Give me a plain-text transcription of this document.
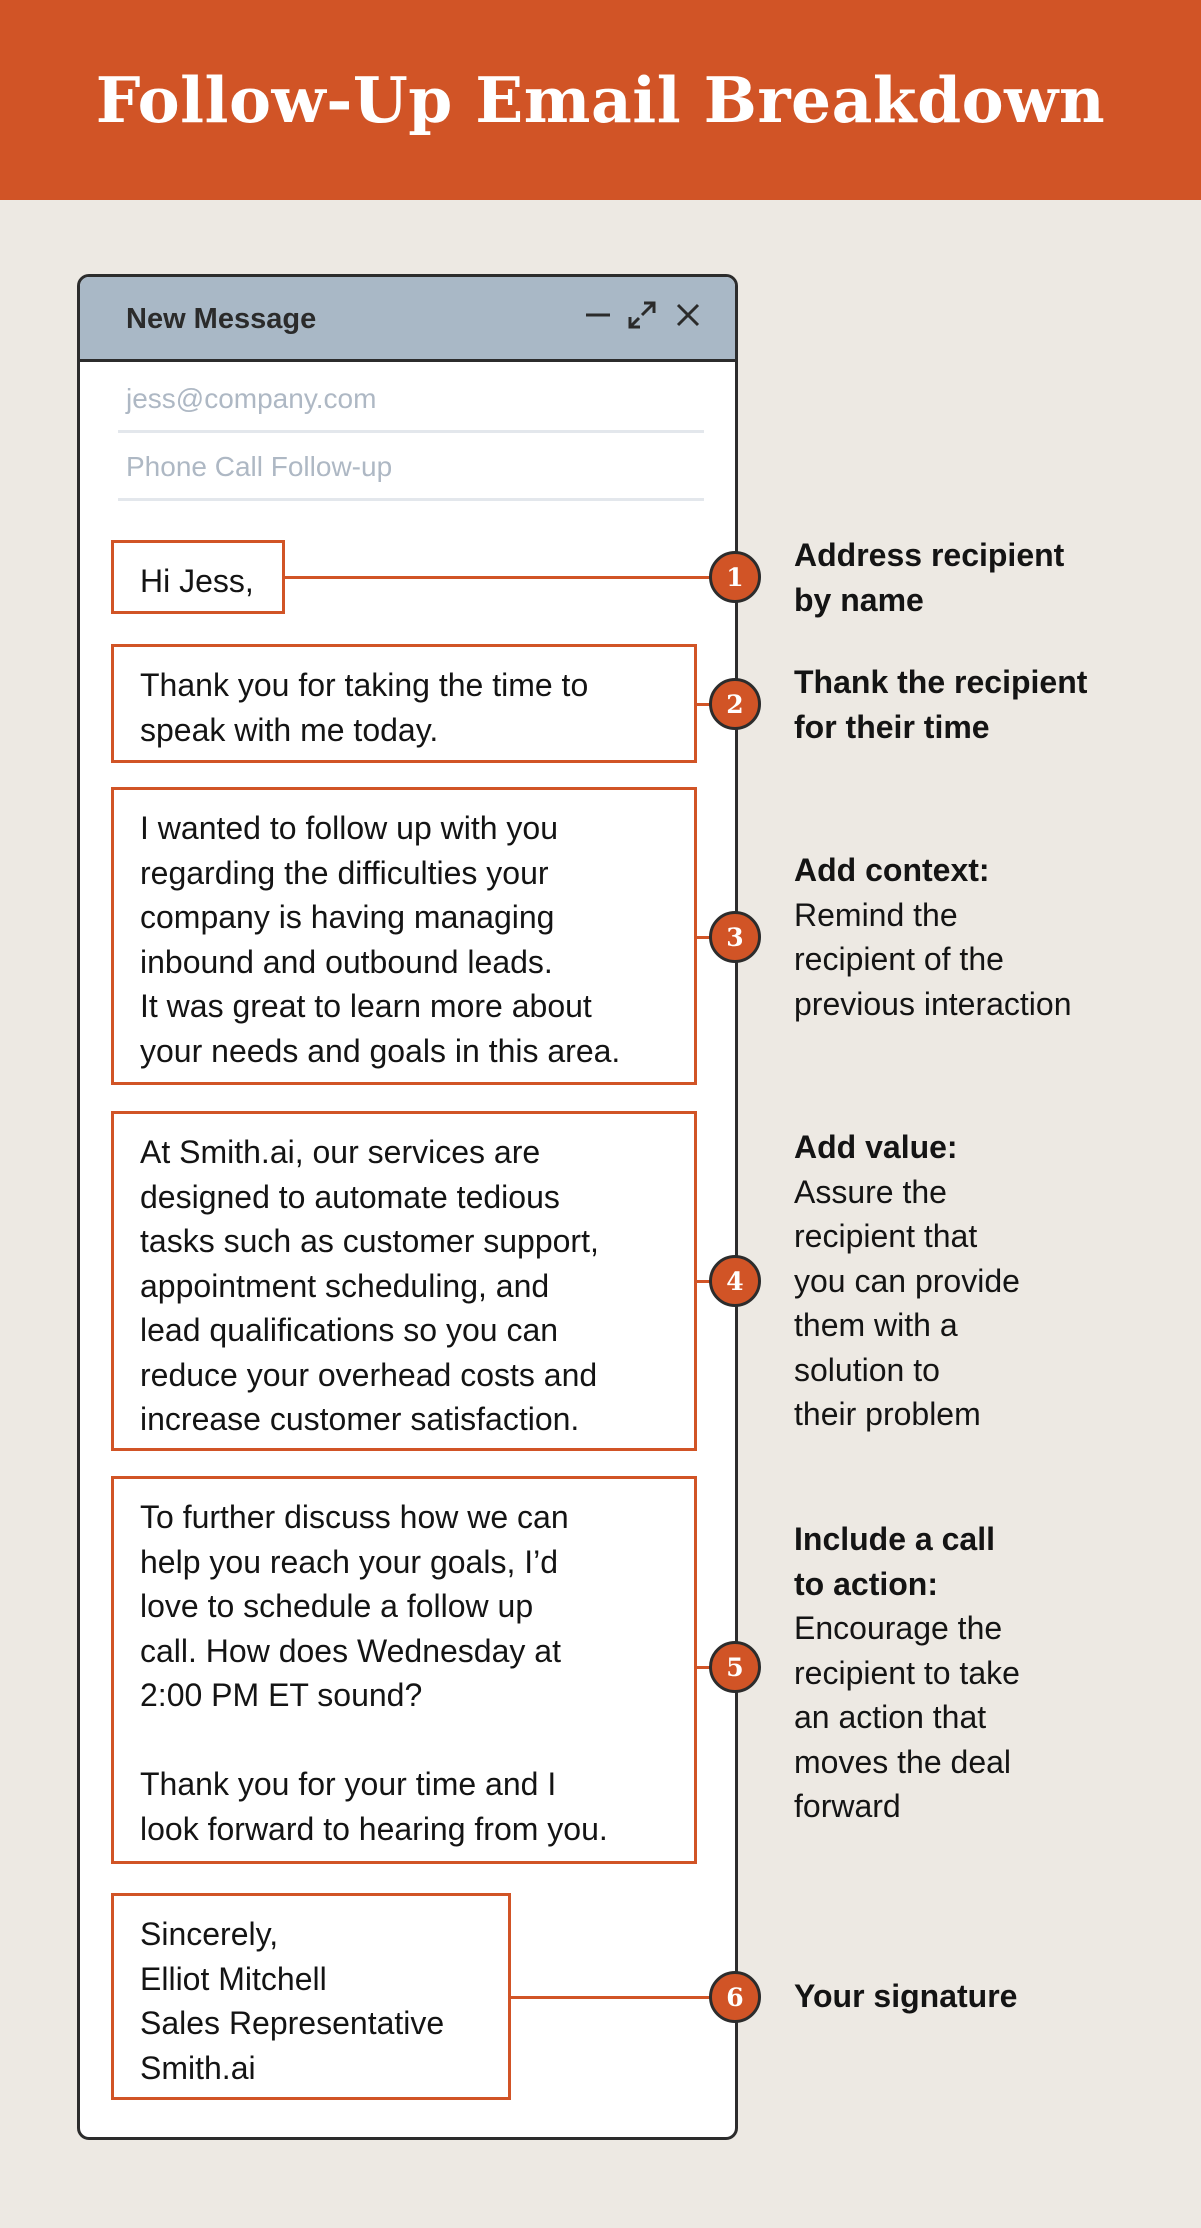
Follow-Up Email Breakdown
New Message
jess@company.com
Phone Call Follow-up
Hi Jess,
Thank you for taking the time to
speak with me today.
I wanted to follow up with you
regarding the difficulties your
company is having managing
inbound and outbound leads.
It was great to learn more about
your needs and goals in this area.
At Smith.ai, our services are
designed to automate tedious
tasks such as customer support,
appointment scheduling, and
lead qualifications so you can
reduce your overhead costs and
increase customer satisfaction.
To further discuss how we can
help you reach your goals, I’d
love to schedule a follow up
call. How does Wednesday at
2:00 PM ET sound?

Thank you for your time and I
look forward to hearing from you.
Sincerely,
Elliot Mitchell
Sales Representative
Smith.ai
1
2
3
4
5
6
Address recipient
by name
Thank the recipient
for their time
Add context:
Remind the
recipient of the
previous interaction
Add value:
Assure the
recipient that
you can provide
them with a
solution to
their problem
Include a call
to action:
Encourage the
recipient to take
an action that
moves the deal
forward
Your signature
